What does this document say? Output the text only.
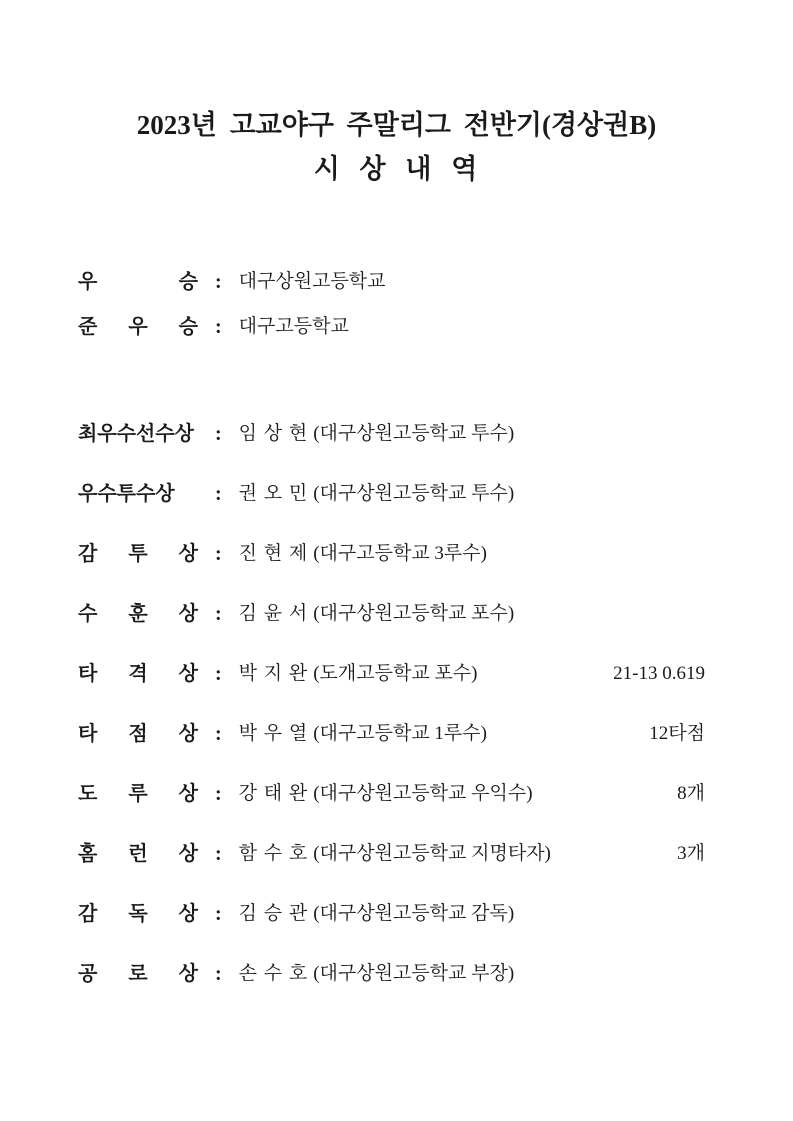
2023년 고교야구 주말리그 전반기(경상권B)
시 상 내 역
우 승 : 대구상원고등학교
준 우 승 : 대구고등학교
최우수선수상 : 임 상 현 (대구상원고등학교 투수)
우수투수상	: 권 오 민 (대구상원고등학교 투수)
감 투 상 : 진 현 제 (대구고등학교 3루수)
수 훈 상 : 김 윤 서 (대구상원고등학교 포수)
타 격 상 : 박 지 완 (도개고등학교 포수)	21-13 0.619
타 점 상 : 박 우 열 (대구고등학교 1루수)	12타점
도 루 상 : 강 태 완 (대구상원고등학교 우익수)	8개
홈 런 상 : 함 수 호 (대구상원고등학교 지명타자)	3개
감 독 상 : 김 승 관 (대구상원고등학교 감독)
공 로 상 : 손 수 호 (대구상원고등학교 부장)
